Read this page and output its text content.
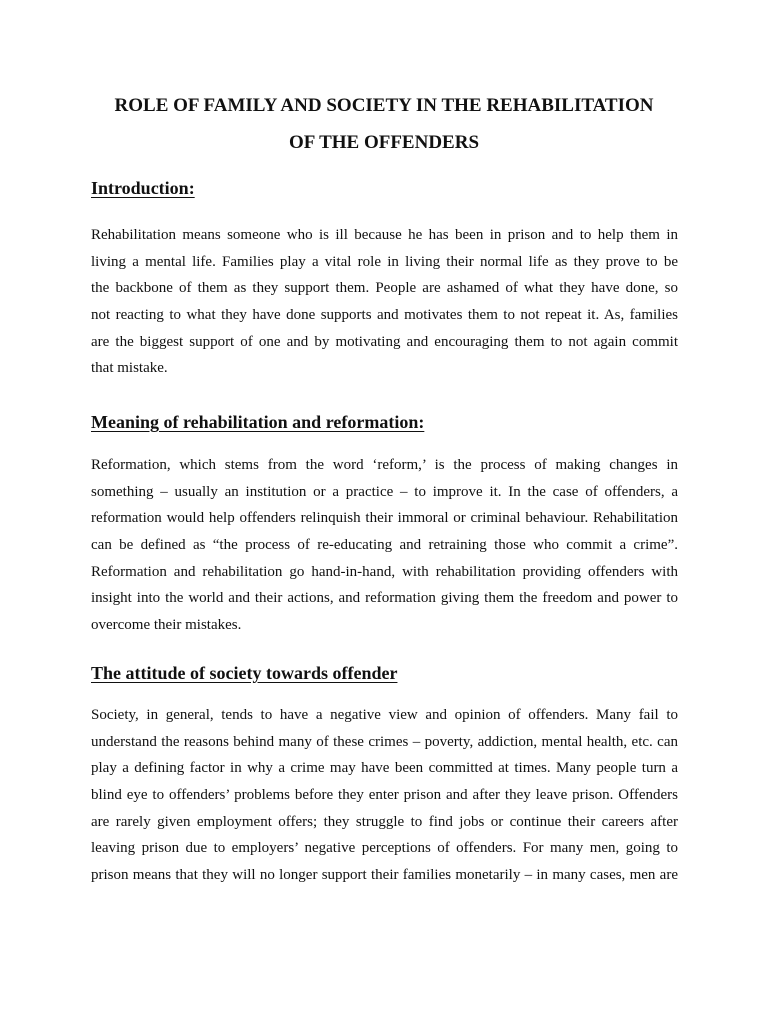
ROLE OF FAMILY AND SOCIETY IN THE REHABILITATION
OF THE OFFENDERS
Introduction:
Rehabilitation means someone who is ill because he has been in prison and to help them in
living a mental life. Families play a vital role in living their normal life as they prove to be
the backbone of them as they support them. People are ashamed of what they have done, so
not reacting to what they have done supports and motivates them to not repeat it. As, families
are the biggest support of one and by motivating and encouraging them to not again commit
that mistake.
Meaning of rehabilitation and reformation:
Reformation, which stems from the word ‘reform,’ is the process of making changes in
something – usually an institution or a practice – to improve it. In the case of offenders, a
reformation would help offenders relinquish their immoral or criminal behaviour. Rehabilitation
can be defined as “the process of re-educating and retraining those who commit a crime”.
Reformation and rehabilitation go hand-in-hand, with rehabilitation providing offenders with
insight into the world and their actions, and reformation giving them the freedom and power to
overcome their mistakes.
The attitude of society towards offender
Society, in general, tends to have a negative view and opinion of offenders. Many fail to
understand the reasons behind many of these crimes – poverty, addiction, mental health, etc. can
play a defining factor in why a crime may have been committed at times. Many people turn a
blind eye to offenders’ problems before they enter prison and after they leave prison. Offenders
are rarely given employment offers; they struggle to find jobs or continue their careers after
leaving prison due to employers’ negative perceptions of offenders. For many men, going to
prison means that they will no longer support their families monetarily – in many cases, men are
